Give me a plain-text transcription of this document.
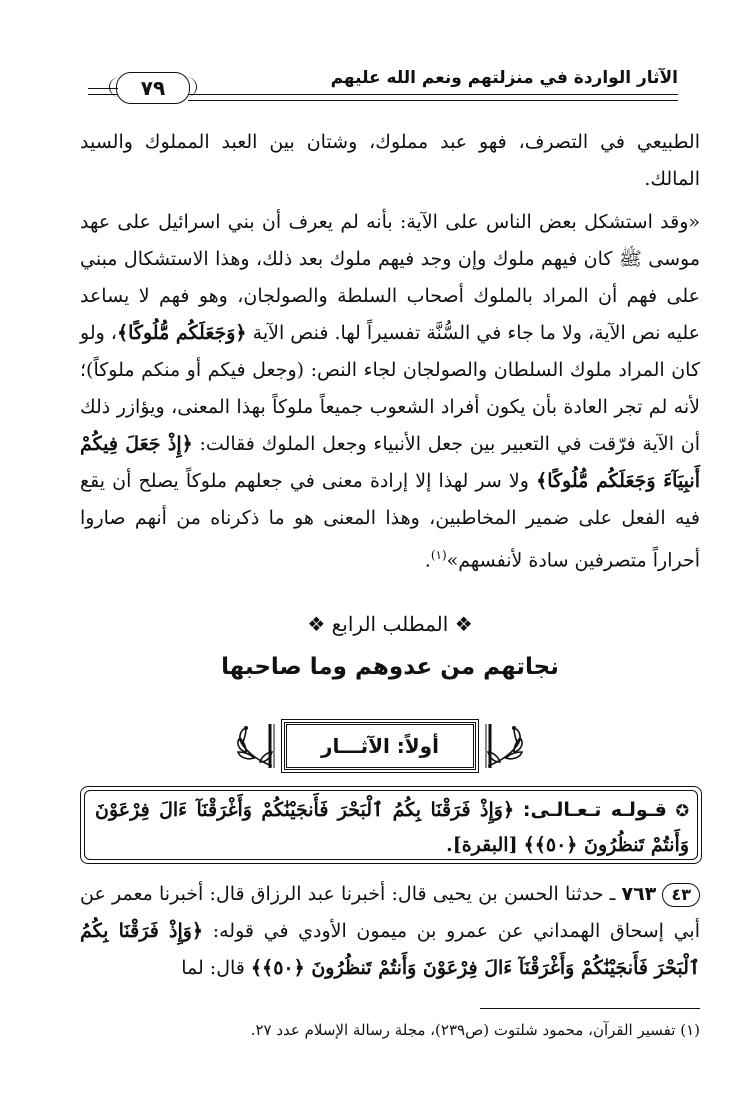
٧٩	الآثار الواردة في منزلتهم ونعم الله عليهم

الطبيعي في التصرف، فهو عبد مملوك، وشتان بين العبد المملوك والسيد المالك.

«وقد استشكل بعض الناس على الآية: بأنه لم يعرف أن بني اسرائيل على عهد موسى ﷺ كان فيهم ملوك وإن وجد فيهم ملوك بعد ذلك، وهذا الاستشكال مبني على فهم أن المراد بالملوك أصحاب السلطة والصولجان، وهو فهم لا يساعد عليه نص الآية، ولا ما جاء في السُّنَّة تفسيراً لها. فنص الآية ﴿وَجَعَلَكُم مُّلُوكًا﴾، ولو كان المراد ملوك السلطان والصولجان لجاء النص: (وجعل فيكم أو منكم ملوكاً)؛ لأنه لم تجر العادة بأن يكون أفراد الشعوب جميعاً ملوكاً بهذا المعنى، ويؤازر ذلك أن الآية فرّقت في التعبير بين جعل الأنبياء وجعل الملوك فقالت: ﴿إِذْ جَعَلَ فِيكُمْ أَنبِيَآءَ وَجَعَلَكُم مُّلُوكًا﴾ ولا سر لهذا إلا إرادة معنى في جعلهم ملوكاً يصلح أن يقع فيه الفعل على ضمير المخاطبين، وهذا المعنى هو ما ذكرناه من أنهم صاروا أحراراً متصرفين سادة لأنفسهم»$^{(١)}$.

❖ المطلب الرابع ❖
نجاتهم من عدوهم وما صاحبها
أولاً: الآثـــار
✪ قـولـه تـعـالـى: ﴿وَإِذْ فَرَقْنَا بِكُمُ ٱلْبَحْرَ فَأَنجَيْنَٰكُمْ وَأَغْرَقْنَآ ءَالَ فِرْعَوْنَ وَأَنتُمْ تَنظُرُونَ ﴿٥٠﴾﴾ [البقرة].

٤٣ ٧٦٣ ـ حدثنا الحسن بن يحيى قال: أخبرنا عبد الرزاق قال: أخبرنا معمر عن أبي إسحاق الهمداني عن عمرو بن ميمون الأودي في قوله: ﴿وَإِذْ فَرَقْنَا بِكُمُ ٱلْبَحْرَ فَأَنجَيْنَٰكُمْ وَأَغْرَقْنَآ ءَالَ فِرْعَوْنَ وَأَنتُمْ تَنظُرُونَ ﴿٥٠﴾﴾ قال: لما

(١) تفسير القرآن، محمود شلتوت (ص٢٣٩)، مجلة رسالة الإسلام عدد ٢٧.
